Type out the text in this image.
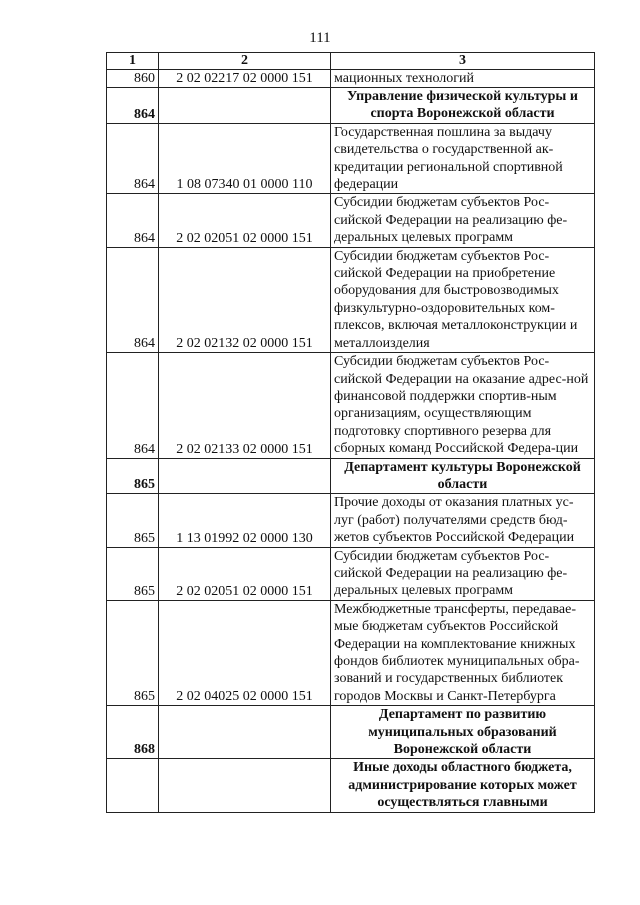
111
1	2	3
860	2 02 02217 02 0000 151	мационных технологий
864		Управление физической культуры и спорта Воронежской области
864	1 08 07340 01 0000 110	Государственная пошлина за выдачу свидетельства о государственной ак-кредитации региональной спортивной федерации
864	2 02 02051 02 0000 151	Субсидии бюджетам субъектов Рос-сийской Федерации на реализацию фе-деральных целевых программ
864	2 02 02132 02 0000 151	Субсидии бюджетам субъектов Рос-сийской Федерации на приобретение оборудования для быстровозводимых физкультурно-оздоровительных ком-плексов, включая металлоконструкции и металлоизделия
864	2 02 02133 02 0000 151	Субсидии бюджетам субъектов Рос-сийской Федерации на оказание адрес-ной финансовой поддержки спортив-ным организациям, осуществляющим подготовку спортивного резерва для сборных команд Российской Федера-ции
865		Департамент культуры Воронежской области
865	1 13 01992 02 0000 130	Прочие доходы от оказания платных ус-луг (работ) получателями средств бюд-жетов субъектов Российской Федерации
865	2 02 02051 02 0000 151	Субсидии бюджетам субъектов Рос-сийской Федерации на реализацию фе-деральных целевых программ
865	2 02 04025 02 0000 151	Межбюджетные трансферты, передавае-мые бюджетам субъектов Российской Федерации на комплектование книжных фондов библиотек муниципальных обра-зований и государственных библиотек городов Москвы и Санкт-Петербурга
868		Департамент по развитию муниципальных образований Воронежской области
		Иные доходы областного бюджета, администрирование которых может осуществляться главными
